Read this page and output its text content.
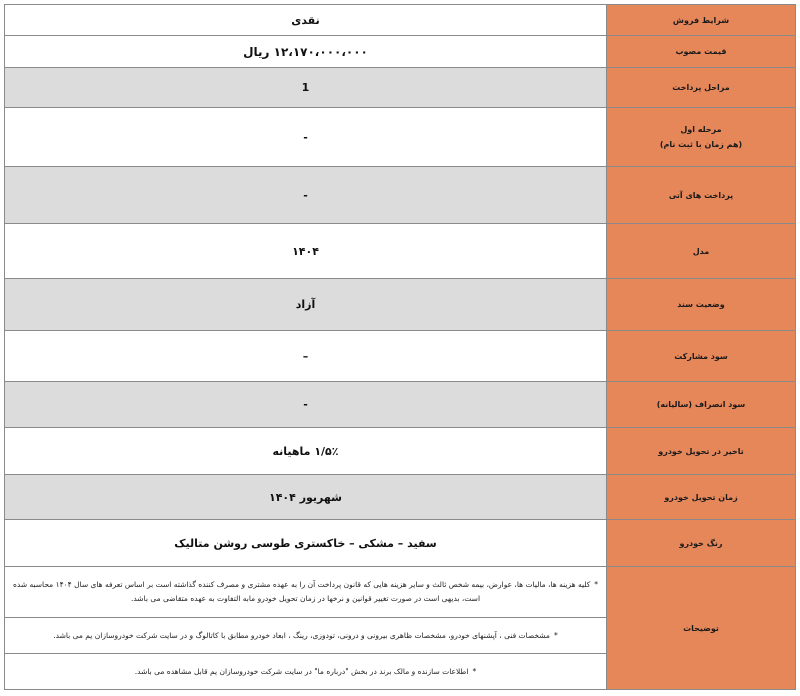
شرایط فروش	نقدی
قیمت مصوب	۱۲،۱۷۰،۰۰۰،۰۰۰ ریال
مراحل پرداخت	1

مرحله اول
(هم زمان با ثبت نام)	-
پرداخت های آتی	-
مدل	۱۴۰۴
وضعیت سند	آزاد
سود مشارکت	–
سود انصراف (سالیانه)	-
تاخیر در تحویل خودرو	۱/۵٪ ماهیانه
زمان تحویل خودرو	شهریور ۱۴۰۴
رنگ خودرو	سفید – مشکی – خاکستری طوسی روشن متالیک
توضیحات	*کلیه هزینه ها، مالیات ها، عوارض، بیمه شخص ثالث و سایر هزینه هایی که قانون پرداخت آن را به عهده مشتری و مصرف کننده گذاشته است بر اساس تعرفه های سال ۱۴۰۴ محاسبه شده است، بدیهی است در صورت تغییر قوانین و نرخها در زمان تحویل خودرو مابه التفاوت به عهده متقاضی می باشد.
	*مشخصات فنی ، آپشنهای خودرو، مشخصات ظاهری بیرونی و درونی، تودوزی، رینگ ، ابعاد خودرو مطابق با کاتالوگ و در سایت شرکت خودروسازان یم می باشد.
	*اطلاعات سازنده و مالک برند در بخش "درباره ما" در سایت شرکت خودروسازان یم قابل مشاهده می باشد.
